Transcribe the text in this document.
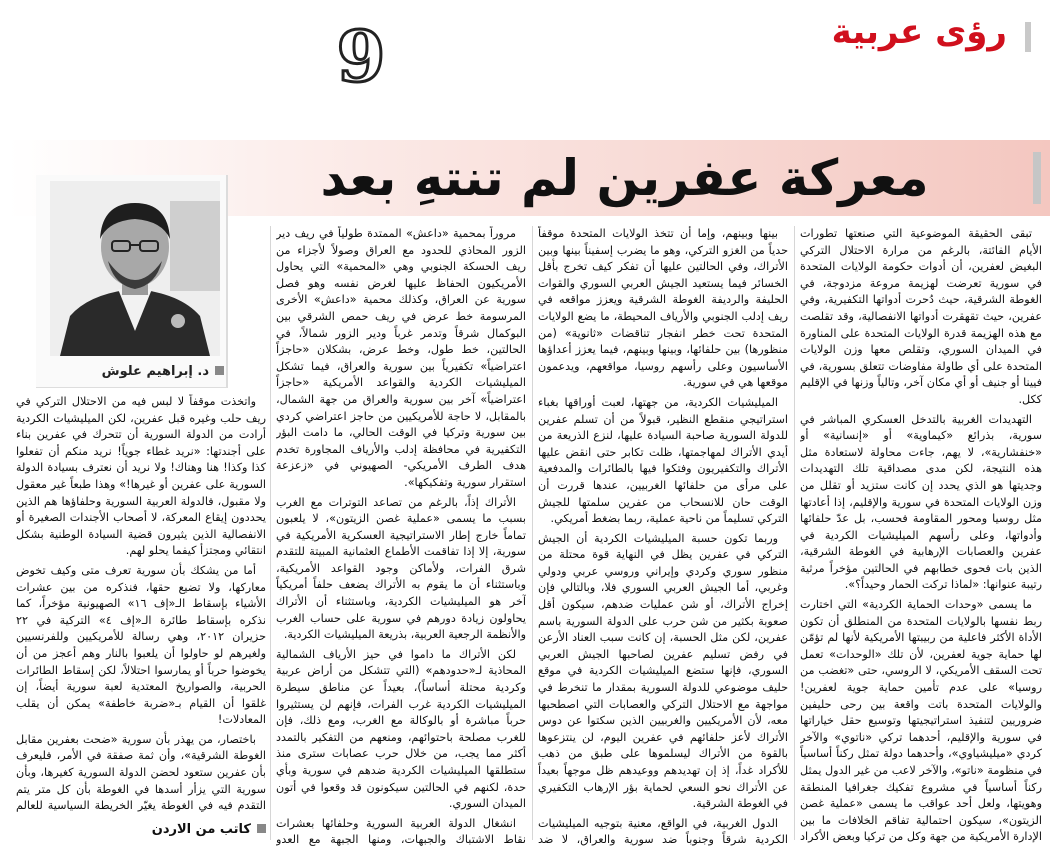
رؤى عربية
9
معركة عفرين لم تنتهِ بعد
د. إبراهيم علوش

تبقى الحقيقة الموضوعية التي صنعتها تطورات الأيام الفائتة، بالرغم من مرارة الاحتلال التركي البغيض لعفرين، أن أدوات حكومة الولايات المتحدة في سورية تعرضت لهزيمة مروعة مزدوجة، في الغوطة الشرقية، حيث دُحرت أدواتها التكفيرية، وفي عفرين، حيث تقهقرت أدواتها الانفصالية، وقد تقلصت مع هذه الهزيمة قدرة الولايات المتحدة على المناورة في الميدان السوري، وتقلص معها وزن الولايات المتحدة على أي طاولة مفاوضات تتعلق بسورية، في فيينا أو جنيف أو أي مكان آخر، وتالياً وزنها في الإقليم ككل.

التهديدات الغربية بالتدخل العسكري المباشر في سورية، بذرائع «كيماوية» أو «إنسانية» أو «خنفشارية»، لا يهم، جاءت محاولة لاستعادة مثل هذه النتيجة، لكن مدى مصداقية تلك التهديدات وجديتها هو الذي يحدد إن كانت ستزيد أو تقلل من وزن الولايات المتحدة في سورية والإقليم، إذا أعادتها مثل روسيا ومحور المقاومة فحسب، بل عدّ حلفائها وأدواتها، وعلى رأسهم الميليشيات الكردية في عفرين والعصابات الإرهابية في الغوطة الشرقية، الذين بات فحوى خطابهم في الحالتين مؤخراً مرثية رتيبة عنوانها: «لماذا تركت الحمار وحيداً؟».

ما يسمى «وحدات الحماية الكردية» التي اختارت ربط نفسها بالولايات المتحدة من المنطلق أن تكون الأداة الأكثر فاعلية من ربيبتها الأمريكية لأنها لم تؤمّن لها حماية جوية لعفرين، لأن تلك «الوحدات» تعمل تحت السقف الأمريكي، لا الروسي، حتى «تغضب من روسيا» على عدم تأمين حماية جوية لعفرين! والولايات المتحدة باتت واقعة بين رحى حليفين ضروريين لتنفيذ استراتيجيتها وتوسيع حقل خياراتها في سورية والإقليم، أحدهما تركي «ناتوي» والآخر كردي «ميليشياوي»، وأحدهما دولة تمثل ركناً أساسياً في منظومة «ناتو»، والآخر لاعب من غير الدول يمثل ركناً أساسياً في مشروع تفكيك جغرافيا المنطقة وهويتها، ولعل أحد عواقب ما يسمى «عملية غصن الزيتون»، سيكون احتمالية تفاقم الخلافات ما بين الإدارة الأمريكية من جهة وكل من تركيا وبعض الأكراد

بينها وبينهم، وإما أن تتخذ الولايات المتحدة موقفاً حدياً من الغزو التركي، وهو ما يضرب إسفيناً بينها وبين الأتراك، وفي الحالتين عليها أن تفكر كيف تخرج بأقل الخسائر فيما يستعيد الجيش العربي السوري والقوات الحليفة والرديفة الغوطة الشرقية ويعزز مواقعه في ريف إدلب الجنوبي والأرياف المحيطة، ما يضع الولايات المتحدة تحت خطر انفجار تناقضات «ثانوية» (من منظورها) بين حلفائها، وبينها وبينهم، فيما يعزز أعداؤها الأساسيون وعلى رأسهم روسيا، مواقعهم، ويدعمون موقعها هي في سورية.

الميليشيات الكردية، من جهتها، لعبت أوراقها بغباء استراتيجي منقطع النظير، قبولاً من أن تسلم عفرين للدولة السورية صاحبة السيادة عليها، لنزع الذريعة من أيدي الأتراك لمهاجمتها، ظلت تكابر حتى انقض عليها الأتراك والتكفيريون وفتكوا فيها بالطائرات والمدفعية على مرأى من حلفائها الغربيين، عندها قررت أن الوقت حان للانسحاب من عفرين سلمتها للجيش التركي تسليماً من ناحية عملية، ربما بضغط أمريكي.

وربما تكون حسبة الميليشيات الكردية أن الجيش التركي في عفرين يظل في النهاية قوة محتلة من منظور سوري وكردي وإيراني وروسي عربي ودولي وغربي، أما الجيش العربي السوري فلا، وبالتالي فإن إخراج الأتراك، أو شن عمليات ضدهم، سيكون أقل صعوبة بكثير من شن حرب على الدولة السورية باسم عفرين، لكن مثل الحسبة، إن كانت سبب العناد الأرعن في رفض تسليم عفرين لصاحبها الجيش العربي السوري، فإنها ستضع الميليشيات الكردية في موقع حليف موضوعي للدولة السورية بمقدار ما تنخرط في مواجهة مع الاحتلال التركي والعصابات التي اصطحبها معه، لأن الأمريكيين والغربيين الذين سكتوا عن دوس الأتراك لأعز حلفائهم في عفرين اليوم، لن ينتزعوها بالقوة من الأتراك ليسلموها على طبق من ذهب للأكراد غداً، إذ إن تهديدهم ووعيدهم ظل موجهاً بعيداً عن الأتراك نحو السعي لحماية بؤر الإرهاب التكفيري في الغوطة الشرقية.

الدول الغربية، في الواقع، معنية بتوجيه الميليشيات الكردية شرقاً وجنوباً ضد سورية والعراق، لا ضد

مروراً بمحمية «داعش» الممتدة طولياً في ريف دير الزور المحاذي للحدود مع العراق وصولاً لأجزاء من ريف الحسكة الجنوبي وهي «المحمية» التي يحاول الأمريكيون الحفاظ عليها لغرض نفسه وهو فصل سورية عن العراق، وكذلك محمية «داعش» الأخرى المرسومة خط عرض في ريف حمص الشرقي بين البوكمال شرقاً وتدمر غرباً ودير الزور شمالاً، في الحالتين، خط طول، وخط عرض، بشكلان «حاجزاً اعتراضياً» تكفيرياً بين سورية والعراق، فيما تشكل الميليشيات الكردية والقواعد الأمريكية «حاجزاً اعتراضياً» آخر بين سورية والعراق من جهة الشمال، بالمقابل، لا حاجة للأمريكيين من حاجز اعتراضي كردي بين سورية وتركيا في الوقت الحالي، ما دامت البؤر التكفيرية في محافظة إدلب والأرياف المجاورة تخدم هدف الطرف الأمريكي- الصهيوني في «زعزعة استقرار سورية وتفكيكها».

الأتراك إذاً، بالرغم من تصاعد التوترات مع الغرب بسبب ما يسمى «عملية غصن الزيتون»، لا يلعبون تماماً خارج إطار الاستراتيجية العسكرية الأمريكية في سورية، إلا إذا تفاقمت الأطماع العثمانية المبيتة للتقدم شرق الفرات، ولأماكن وجود القواعد الأمريكية، وباستثناء أن ما يقوم به الأتراك يضعف حلفاً أمريكياً آخر هو الميليشيات الكردية، وباستثناء أن الأتراك يحاولون زيادة دورهم في سورية على حساب الغرب والأنظمة الرجعية العربية، بذريعة الميليشيات الكردية.

لكن الأتراك ما داموا في حيز الأرياف الشمالية المحاذية لـ«حدودهم» (التي تتشكل من أراض عربية وكردية محتلة أساساً)، بعيداً عن مناطق سيطرة الميليشيات الكردية غرب الفرات، فإنهم لن يستثيروا حرباً مباشرة أو بالوكالة مع الغرب، ومع ذلك، فإن للغرب مصلحة باحتوائهم، ومنعهم من التفكير بالتمدد أكثر مما يجب، من خلال حرب عصابات سترى منذ ستطلقها الميليشيات الكردية ضدهم في سورية وبأي حدة، لكنهم في الحالتين سيكونون قد وقعوا في أتون الميدان السوري.

انشغال الدولة العربية السورية وحلفائها بعشرات نقاط الاشتباك والجبهات، ومنها الجبهة مع العدو

واتخذت موقفاً لا لبس فيه من الاحتلال التركي في ريف حلب وغيره قبل عفرين، لكن الميليشيات الكردية أرادت من الدولة السورية أن تتحرك في عفرين بناء على أجندتها: «نريد غطاء جوياً! نريد منكم أن تفعلوا كذا وكذا! هنا وهناك! ولا نريد أن نعترف بسيادة الدولة السورية على عفرين أو غيرها!» وهذا طبعاً غير معقول ولا مقبول، فالدولة العربية السورية وحلفاؤها هم الذين يحددون إيقاع المعركة، لا أصحاب الأجندات الصغيرة أو الانفصالية الذين يثيرون قضية السيادة الوطنية بشكل انتقائي ومجتزأ كيفما يحلو لهم.

أما من يشكك بأن سورية تعرف متى وكيف تخوض معاركها، ولا تضيع حقها، فنذكره من بين عشرات الأشياء بإسقاط الـ«إف ١٦» الصهيونية مؤخراً، كما نذكره بإسقاط طائرة الـ«إف ٤» التركية في ٢٢ حزيران ٢٠١٢، وهي رسالة للأمريكيين وللفرنسيين ولغيرهم لو حاولوا أن يلعبوا بالنار وهم أعجز من أن يخوضوا حرباً أو يمارسوا احتلالاً، لكن إسقاط الطائرات الحربية، والصواريخ المعتدية لعبة سورية أيضاً، إن غلقوا أن القيام بـ«ضربة خاطفة» يمكن أن يقلب المعادلات!

باختصار، من يهذر بأن سورية «ضحت بعفرين مقابل الغوطة الشرقية»، وأن ثمة صفقة في الأمر، فليعرف بأن عفرين ستعود لحضن الدولة السورية كغيرها، وبأن سورية التي يزأر أسدها في الغوطة بأن كل متر يتم التقدم فيه في الغوطة يغيّر الخريطة السياسية للعالم

كاتب من الاردن
